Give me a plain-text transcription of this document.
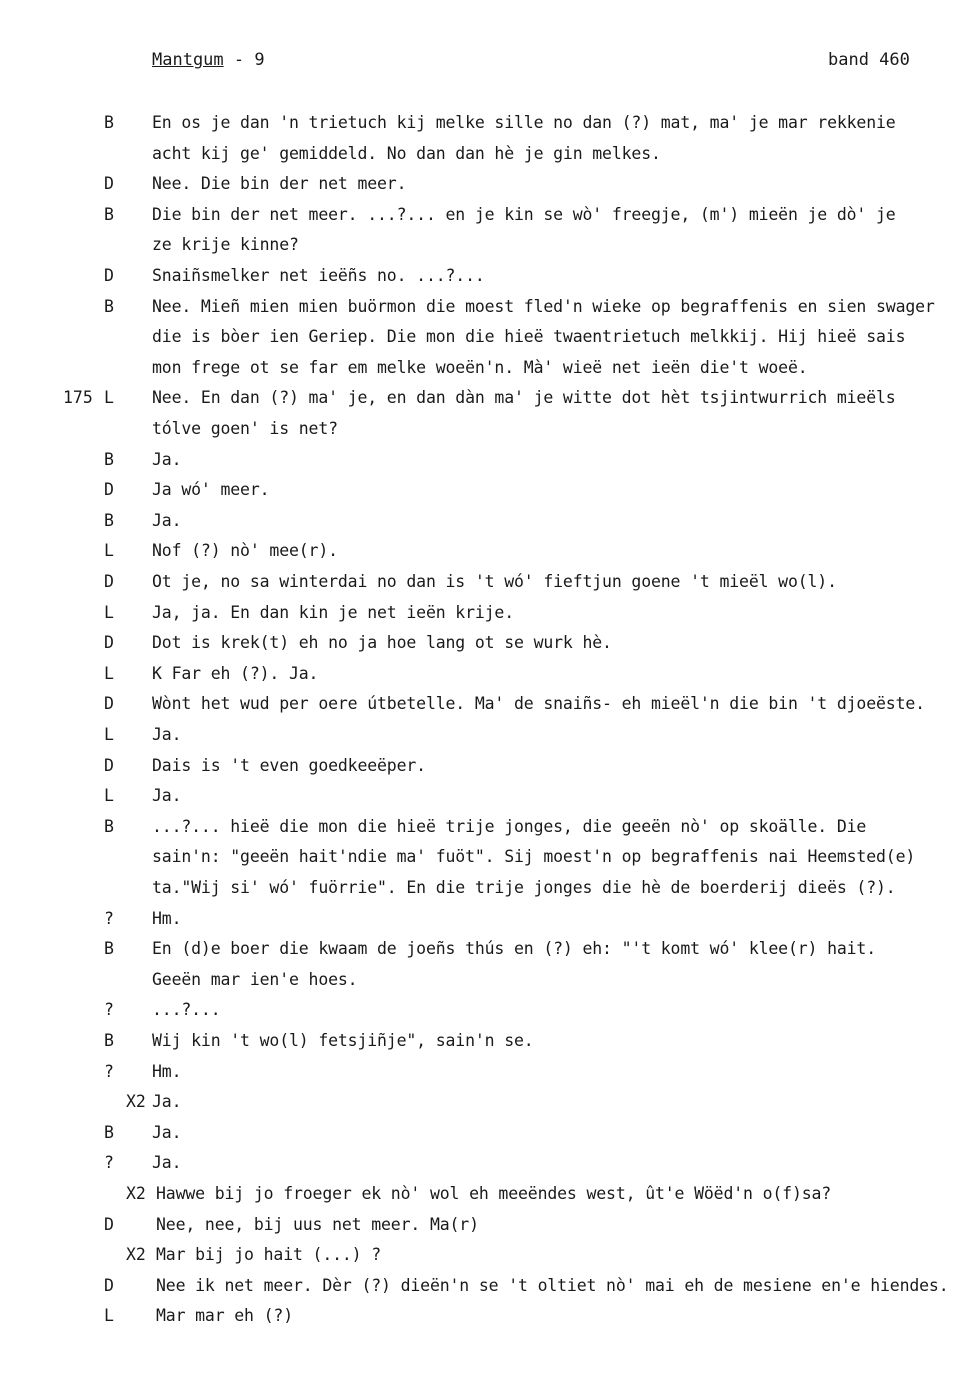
Mantgum - 9	band 460
B En os je dan 'n trietuch kij melke sille no dan (?) mat, ma' je mar rekkenie
acht kij ge' gemiddeld. No dan dan hè je gin melkes.
D Nee. Die bin der net meer.
B Die bin der net meer. ...?... en je kin se wò' freegje, (m') mieën je dò' je
ze krije kinne?
D Snaiñsmelker net ieëñs no. ...?...
B Nee. Mieñ mien mien buörmon die moest fled'n wieke op begraffenis en sien swager
die is bòer ien Geriep. Die mon die hieë twaentrietuch melkkij. Hij hieë sais
mon frege ot se far em melke woeën'n. Mà' wieë net ieën die't woeë.
175 L Nee. En dan (?) ma' je, en dan dàn ma' je witte dot hèt tsjintwurrich mieëls
tólve goen' is net?
B Ja.
D Ja wó' meer.
B Ja.
L Nof (?) nò' mee(r).
D Ot je, no sa winterdai no dan is 't wó' fieftjun goene 't mieël wo(l).
L Ja, ja. En dan kin je net ieën krije.
D Dot is krek(t) eh no ja hoe lang ot se wurk hè.
L K Far eh (?). Ja.
D Wònt het wud per oere útbetelle. Ma' de snaiñs- eh mieël'n die bin 't djoeëste.
L Ja.
D Dais is 't even goedkeeëper.
L Ja.
B ...?... hieë die mon die hieë trije jonges, die geeën nò' op skoälle. Die
sain'n: "geeën hait'ndie ma' fuöt". Sij moest'n op begraffenis nai Heemsted(e)
ta."Wij si' wó' fuörrie". En die trije jonges die hè de boerderij dieës (?).
? Hm.
B En (d)e boer die kwaam de joeñs thús en (?) eh: "'t komt wó' klee(r) hait.
Geeën mar ien'e hoes.
? ...?...
B Wij kin 't wo(l) fetsjiñje", sain'n se.
? Hm.
X2 Ja.
B Ja.
? Ja.
X2 Hawwe bij jo froeger ek nò' wol eh meeëndes west, ût'e Wöëd'n o(f)sa?
D	Nee, nee, bij uus net meer. Ma(r)
X2 Mar bij jo hait (...) ?
D	Nee ik net meer. Dèr (?) dieën'n se 't oltiet nò' mai eh de mesiene en'e hiendes.
L	Mar mar eh (?)
